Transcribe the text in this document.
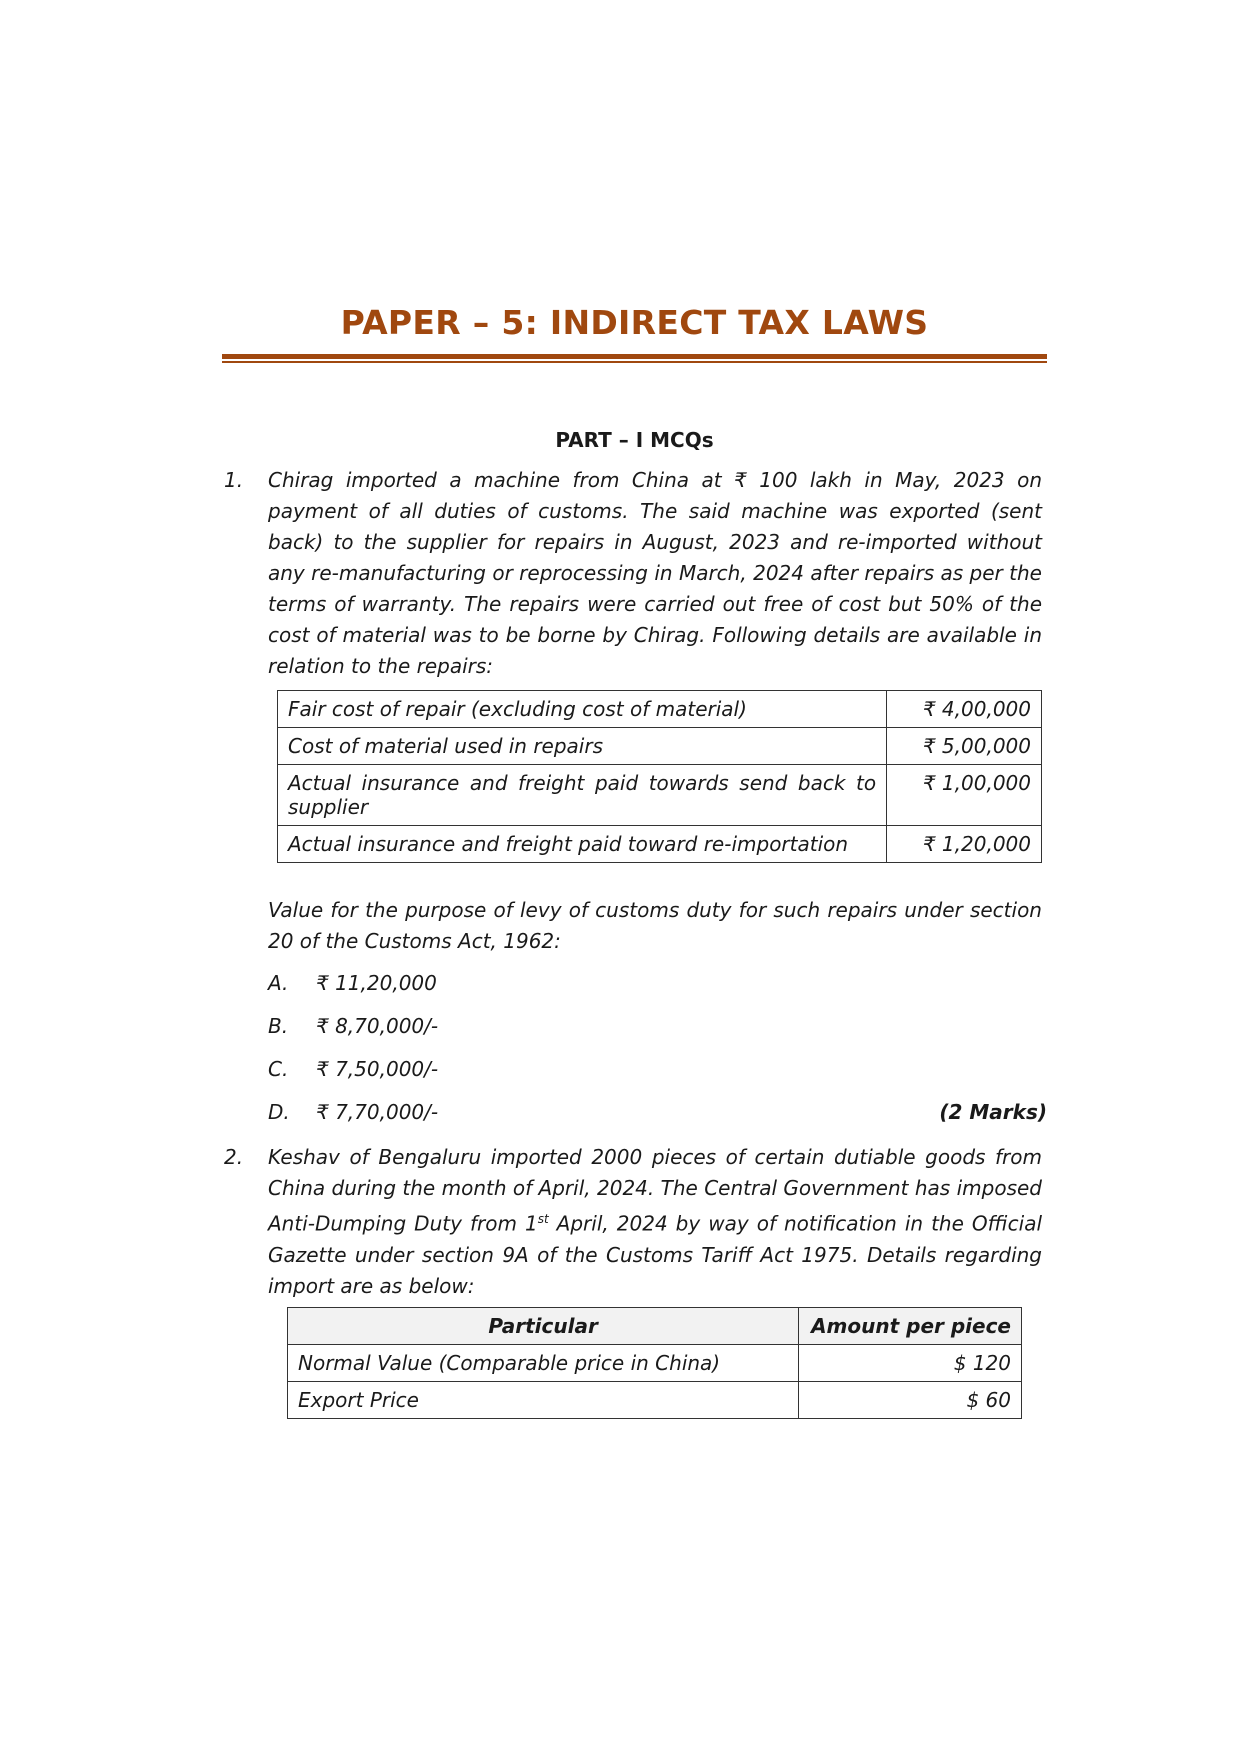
PAPER – 5: INDIRECT TAX LAWS
PART – I MCQs
1. Chirag imported a machine from China at ₹ 100 lakh in May, 2023 on payment of all duties of customs. The said machine was exported (sent back) to the supplier for repairs in August, 2023 and re-imported without any re-manufacturing or reprocessing in March, 2024 after repairs as per the terms of warranty. The repairs were carried out free of cost but 50% of the cost of material was to be borne by Chirag. Following details are available in relation to the repairs:
Fair cost of repair (excluding cost of material)	₹ 4,00,000
Cost of material used in repairs	₹ 5,00,000
Actual insurance and freight paid towards send back to supplier	₹ 1,00,000
Actual insurance and freight paid toward re-importation	₹ 1,20,000
Value for the purpose of levy of customs duty for such repairs under section 20 of the Customs Act, 1962:
A. ₹ 11,20,000
B. ₹ 8,70,000/-
C. ₹ 7,50,000/-
D. ₹ 7,70,000/-	(2 Marks)
2. Keshav of Bengaluru imported 2000 pieces of certain dutiable goods from China during the month of April, 2024. The Central Government has imposed Anti-Dumping Duty from 1st April, 2024 by way of notification in the Official Gazette under section 9A of the Customs Tariff Act 1975. Details regarding import are as below:
Particular	Amount per piece
Normal Value (Comparable price in China)	$ 120
Export Price	$ 60
